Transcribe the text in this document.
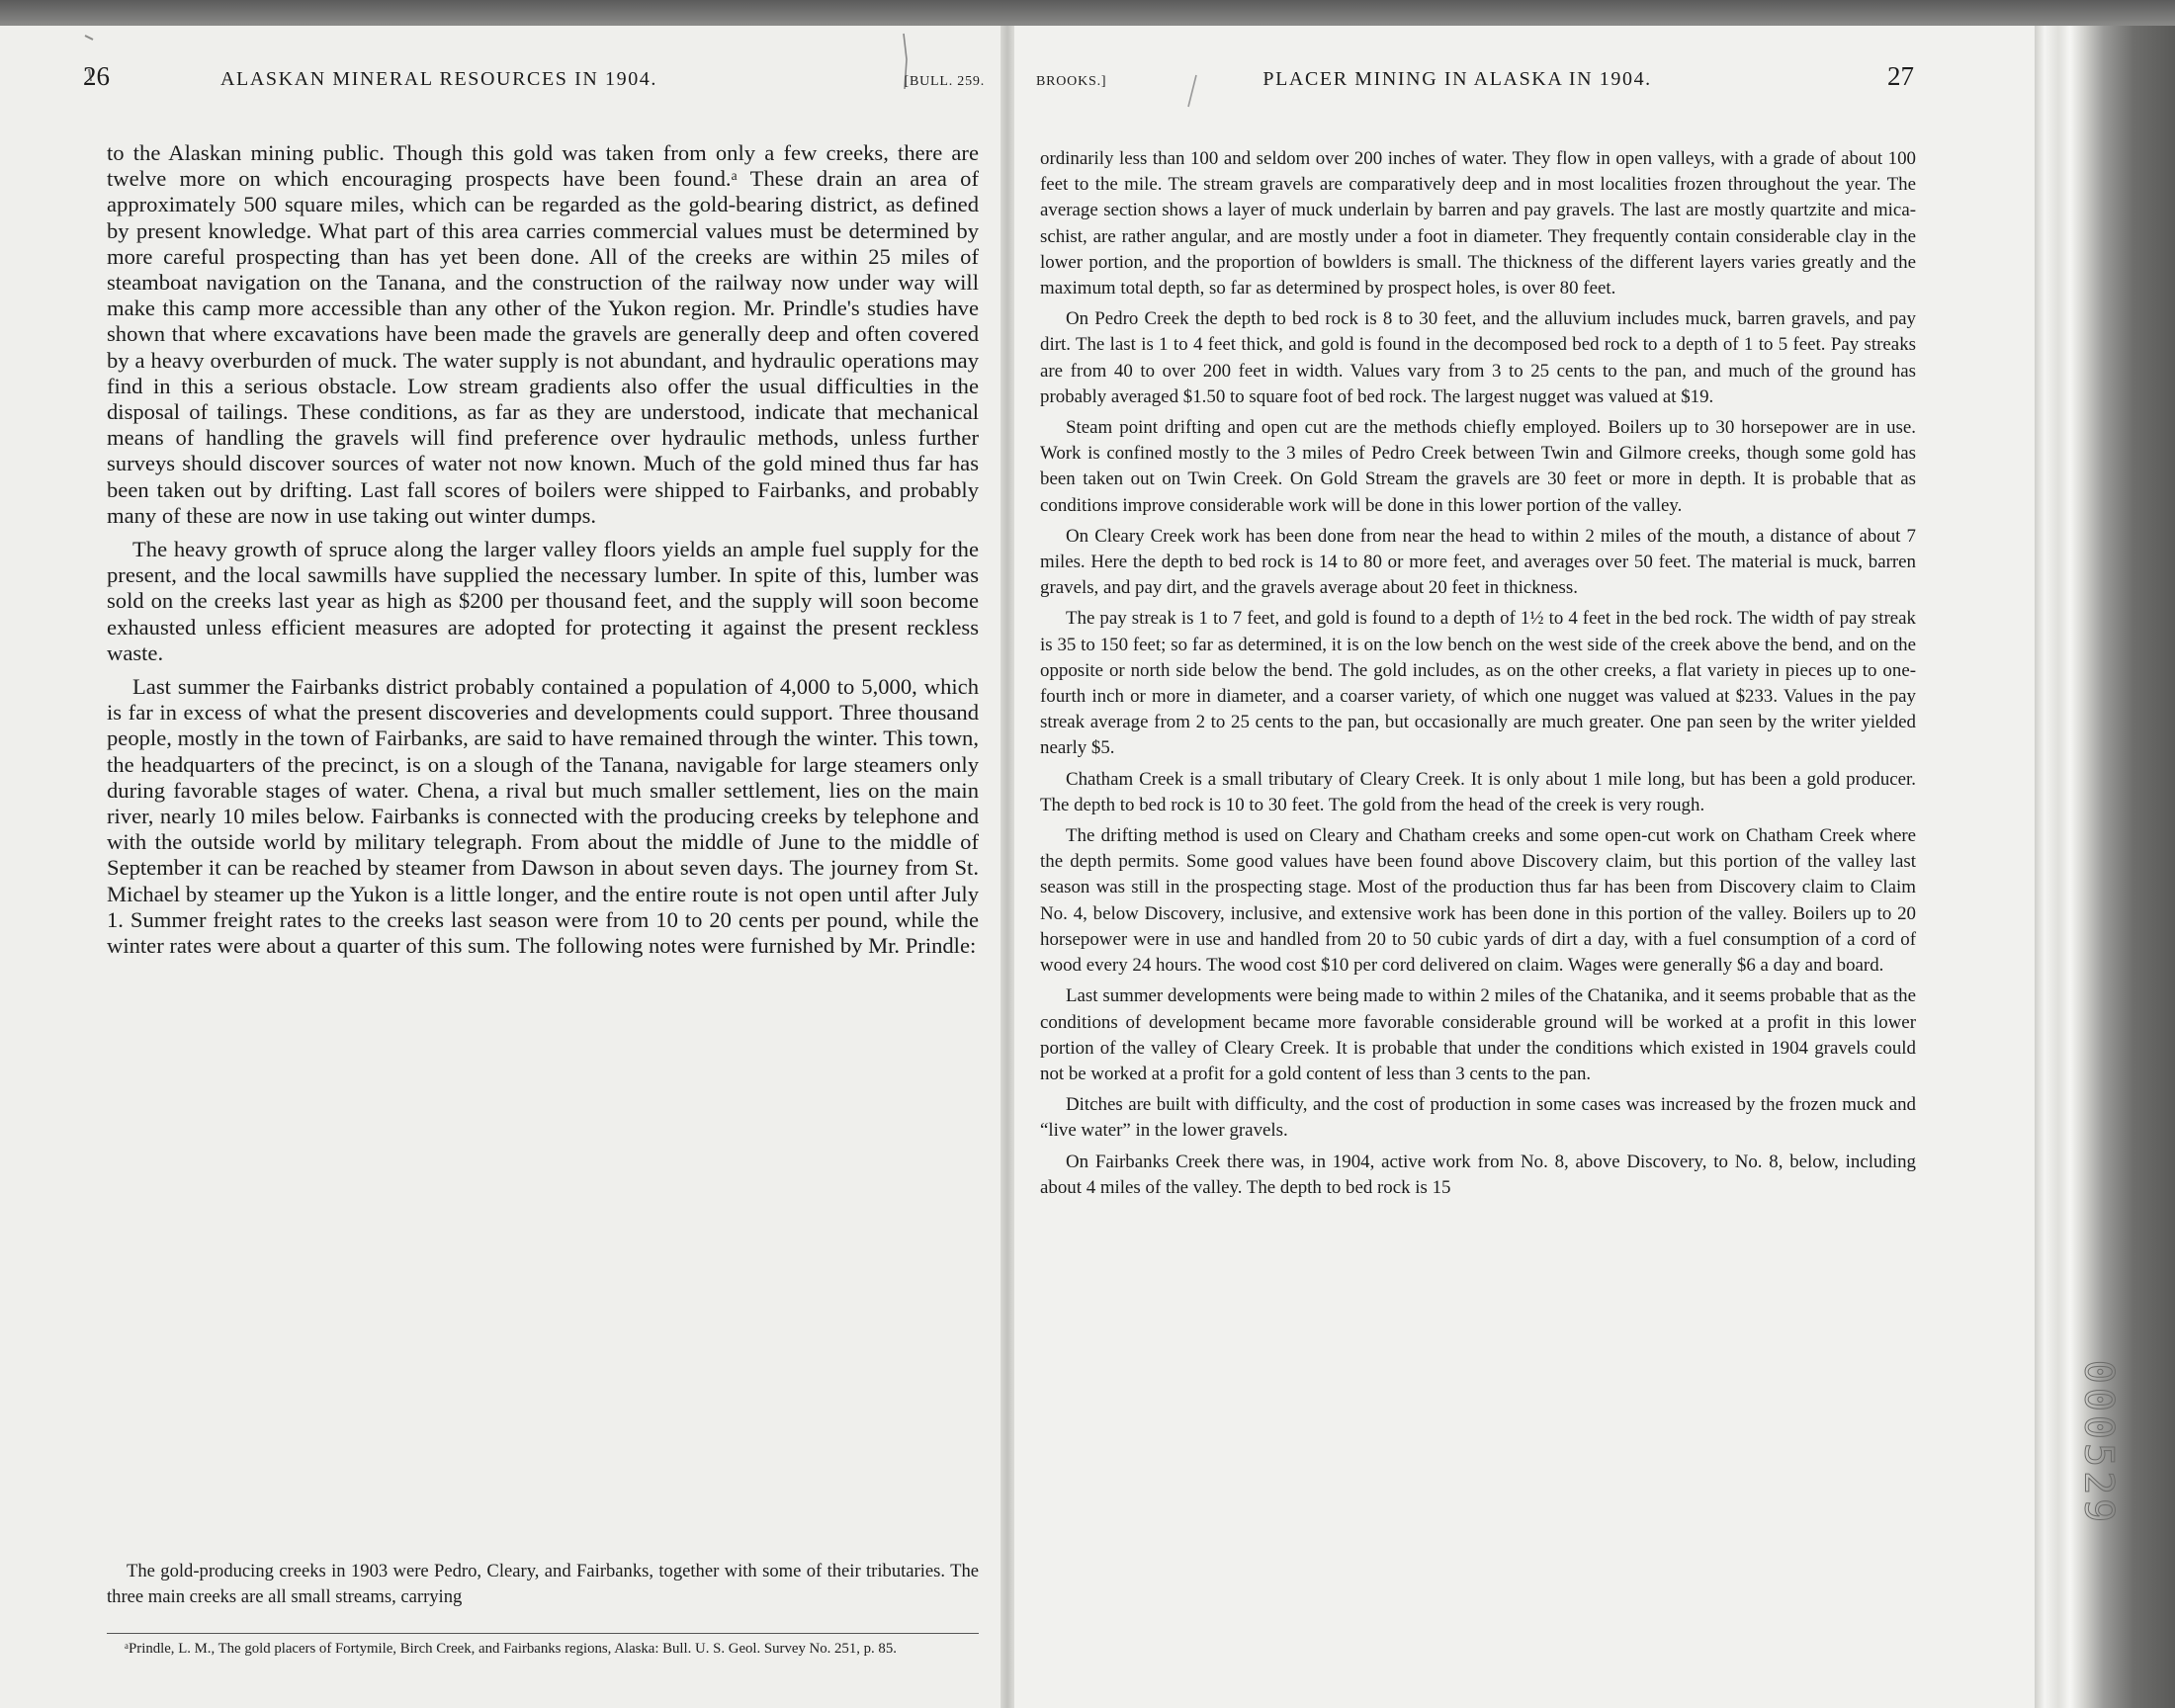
26	ALASKAN MINERAL RESOURCES IN 1904.	[BULL. 259.	BROOKS.]	PLACER MINING IN ALASKA IN 1904.	27

to the Alaskan mining public. Though this gold was taken from only a few creeks, there are twelve more on which encouraging prospects have been found.ᵃ These drain an area of approximately 500 square miles, which can be regarded as the gold-bearing district, as defined by present knowledge. What part of this area carries commercial values must be determined by more careful prospecting than has yet been done. All of the creeks are within 25 miles of steamboat navigation on the Tanana, and the construction of the railway now under way will make this camp more accessible than any other of the Yukon region. Mr. Prindle's studies have shown that where excavations have been made the gravels are generally deep and often covered by a heavy overburden of muck. The water supply is not abundant, and hydraulic operations may find in this a serious obstacle. Low stream gradients also offer the usual difficulties in the disposal of tailings. These conditions, as far as they are understood, indicate that mechanical means of handling the gravels will find preference over hydraulic methods, unless further surveys should discover sources of water not now known. Much of the gold mined thus far has been taken out by drifting. Last fall scores of boilers were shipped to Fairbanks, and probably many of these are now in use taking out winter dumps.

The heavy growth of spruce along the larger valley floors yields an ample fuel supply for the present, and the local sawmills have supplied the necessary lumber. In spite of this, lumber was sold on the creeks last year as high as $200 per thousand feet, and the supply will soon become exhausted unless efficient measures are adopted for protecting it against the present reckless waste.

Last summer the Fairbanks district probably contained a population of 4,000 to 5,000, which is far in excess of what the present discoveries and developments could support. Three thousand people, mostly in the town of Fairbanks, are said to have remained through the winter. This town, the headquarters of the precinct, is on a slough of the Tanana, navigable for large steamers only during favorable stages of water. Chena, a rival but much smaller settlement, lies on the main river, nearly 10 miles below. Fairbanks is connected with the producing creeks by telephone and with the outside world by military telegraph. From about the middle of June to the middle of September it can be reached by steamer from Dawson in about seven days. The journey from St. Michael by steamer up the Yukon is a little longer, and the entire route is not open until after July 1. Summer freight rates to the creeks last season were from 10 to 20 cents per pound, while the winter rates were about a quarter of this sum. The following notes were furnished by Mr. Prindle:

The gold-producing creeks in 1903 were Pedro, Cleary, and Fairbanks, together with some of their tributaries. The three main creeks are all small streams, carrying

ᵃPrindle, L. M., The gold placers of Fortymile, Birch Creek, and Fairbanks regions, Alaska: Bull. U. S. Geol. Survey No. 251, p. 85.

ordinarily less than 100 and seldom over 200 inches of water. They flow in open valleys, with a grade of about 100 feet to the mile. The stream gravels are comparatively deep and in most localities frozen throughout the year. The average section shows a layer of muck underlain by barren and pay gravels. The last are mostly quartzite and mica-schist, are rather angular, and are mostly under a foot in diameter. They frequently contain considerable clay in the lower portion, and the proportion of bowlders is small. The thickness of the different layers varies greatly and the maximum total depth, so far as determined by prospect holes, is over 80 feet.

On Pedro Creek the depth to bed rock is 8 to 30 feet, and the alluvium includes muck, barren gravels, and pay dirt. The last is 1 to 4 feet thick, and gold is found in the decomposed bed rock to a depth of 1 to 5 feet. Pay streaks are from 40 to over 200 feet in width. Values vary from 3 to 25 cents to the pan, and much of the ground has probably averaged $1.50 to square foot of bed rock. The largest nugget was valued at $19.

Steam point drifting and open cut are the methods chiefly employed. Boilers up to 30 horsepower are in use. Work is confined mostly to the 3 miles of Pedro Creek between Twin and Gilmore creeks, though some gold has been taken out on Twin Creek. On Gold Stream the gravels are 30 feet or more in depth. It is probable that as conditions improve considerable work will be done in this lower portion of the valley.

On Cleary Creek work has been done from near the head to within 2 miles of the mouth, a distance of about 7 miles. Here the depth to bed rock is 14 to 80 or more feet, and averages over 50 feet. The material is muck, barren gravels, and pay dirt, and the gravels average about 20 feet in thickness.

The pay streak is 1 to 7 feet, and gold is found to a depth of 1½ to 4 feet in the bed rock. The width of pay streak is 35 to 150 feet; so far as determined, it is on the low bench on the west side of the creek above the bend, and on the opposite or north side below the bend. The gold includes, as on the other creeks, a flat variety in pieces up to one-fourth inch or more in diameter, and a coarser variety, of which one nugget was valued at $233. Values in the pay streak average from 2 to 25 cents to the pan, but occasionally are much greater. One pan seen by the writer yielded nearly $5.

Chatham Creek is a small tributary of Cleary Creek. It is only about 1 mile long, but has been a gold producer. The depth to bed rock is 10 to 30 feet. The gold from the head of the creek is very rough.

The drifting method is used on Cleary and Chatham creeks and some open-cut work on Chatham Creek where the depth permits. Some good values have been found above Discovery claim, but this portion of the valley last season was still in the prospecting stage. Most of the production thus far has been from Discovery claim to Claim No. 4, below Discovery, inclusive, and extensive work has been done in this portion of the valley. Boilers up to 20 horsepower were in use and handled from 20 to 50 cubic yards of dirt a day, with a fuel consumption of a cord of wood every 24 hours. The wood cost $10 per cord delivered on claim. Wages were generally $6 a day and board.

Last summer developments were being made to within 2 miles of the Chatanika, and it seems probable that as the conditions of development became more favorable considerable ground will be worked at a profit in this lower portion of the valley of Cleary Creek. It is probable that under the conditions which existed in 1904 gravels could not be worked at a profit for a gold content of less than 3 cents to the pan.

Ditches are built with difficulty, and the cost of production in some cases was increased by the frozen muck and “live water” in the lower gravels.

On Fairbanks Creek there was, in 1904, active work from No. 8, above Discovery, to No. 8, below, including about 4 miles of the valley. The depth to bed rock is 15

000529
